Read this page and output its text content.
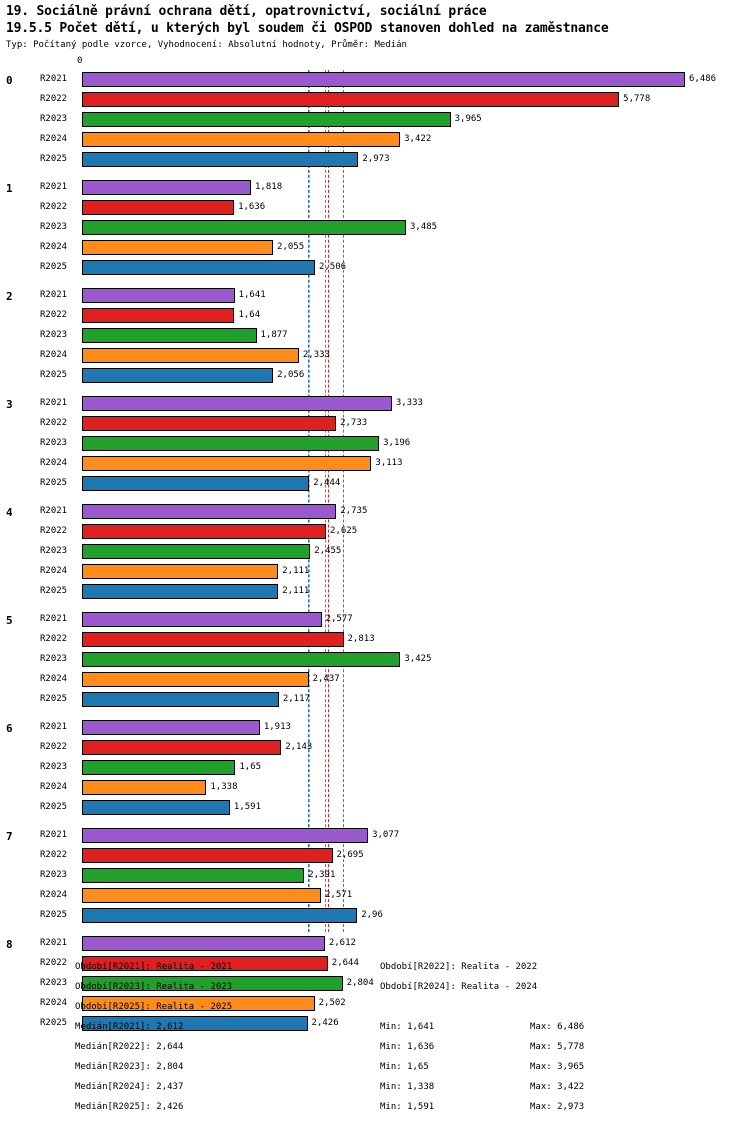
19. Sociálně právní ochrana dětí, opatrovnictví, sociální práce
19.5.5 Počet dětí, u kterých byl soudem či OSPOD stanoven dohled na zaměstnance
Typ: Počítaný podle vzorce, Vyhodnocení: Absolutní hodnoty, Průměr: Medián
0
0	R2021	6,486
R2022	5,778
R2023	3,965
R2024	3,422
R2025	2,973
1	R2021	1,818
R2022	1,636
R2023	3,485
R2024	2,055
R2025	2,506
2	R2021	1,641
R2022	1,64
R2023	1,877
R2024	2,333
R2025	2,056
3	R2021	3,333
R2022	2,733
R2023	3,196
R2024	3,113
R2025	2,444
4	R2021	2,735
R2022	2,625
R2023	2,455
R2024	2,111
R2025	2,111
5	R2021	2,577
R2022	2,813
R2023	3,425
R2024	2,437
R2025	2,117
6	R2021	1,913
R2022	2,143
R2023	1,65
R2024	1,338
R2025	1,591
7	R2021	3,077
R2022	2,695
R2023	2,391
R2024	2,571
R2025	2,96
8	R2021	2,612
R2022	2,644
R2023	2,804
R2024	2,502
R2025	2,426
Období[R2021]: Realita - 2021	Období[R2022]: Realita - 2022
Období[R2023]: Realita - 2023	Období[R2024]: Realita - 2024
Období[R2025]: Realita - 2025
Medián[R2021]: 2,612	Min: 1,641	Max: 6,486
Medián[R2022]: 2,644	Min: 1,636	Max: 5,778
Medián[R2023]: 2,804	Min: 1,65	Max: 3,965
Medián[R2024]: 2,437	Min: 1,338	Max: 3,422
Medián[R2025]: 2,426	Min: 1,591	Max: 2,973
